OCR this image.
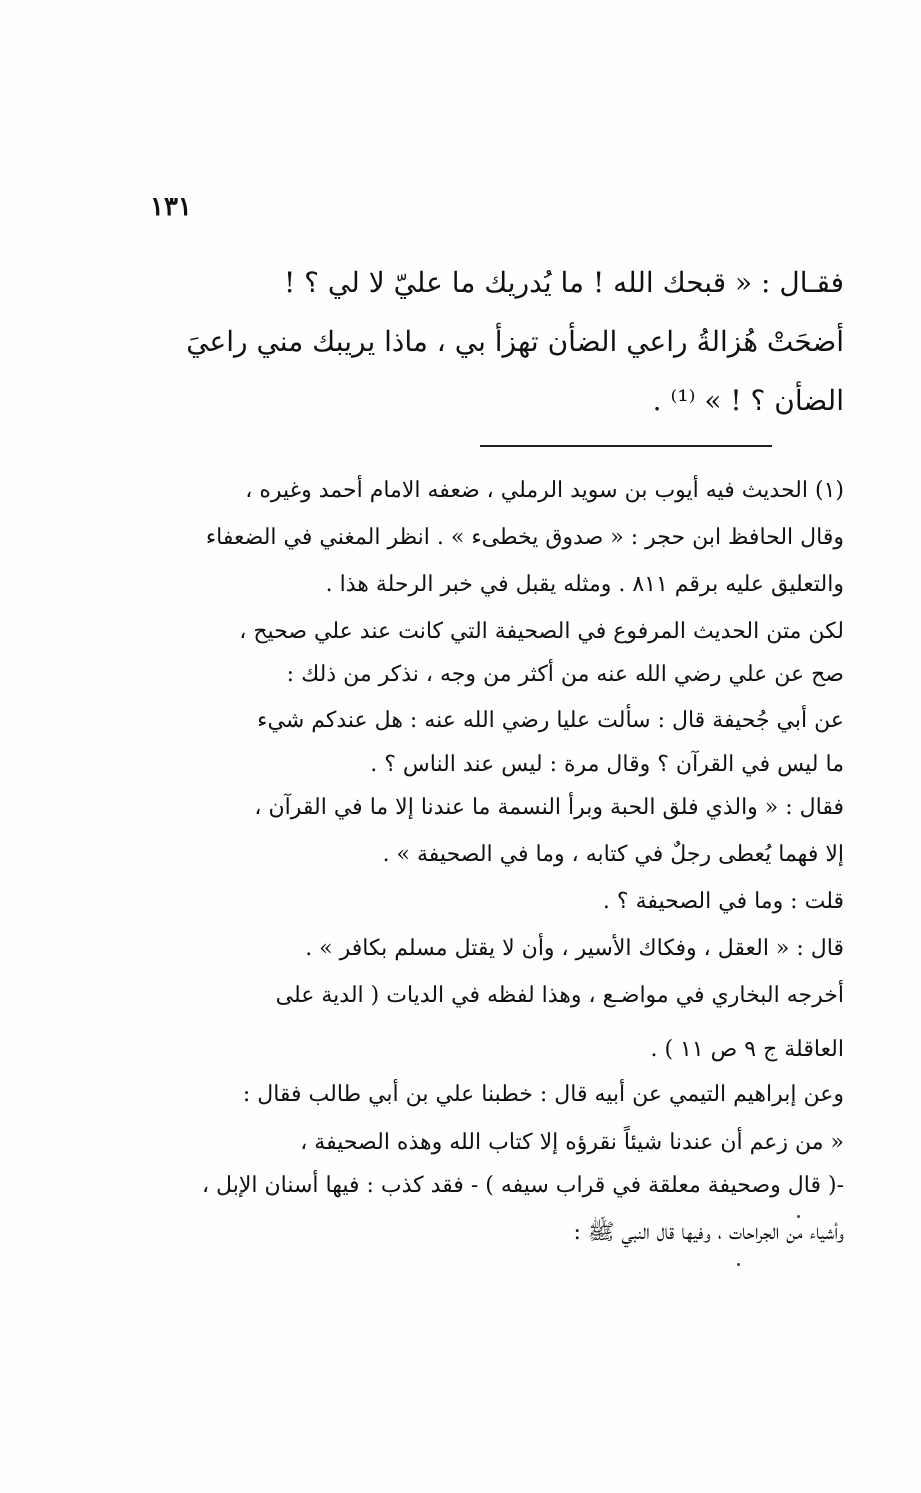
١٣١
فقـال : « قبحك الله ! ما يُدريك ما عليّ لا لي ؟ !
أضحَتْ هُزالةُ راعي الضأن تهزأ بي ، ماذا يريبك مني راعيَ
الضأن ؟ ! » ⁽¹⁾ .
(١) الحديث فيه أيوب بن سويد الرملي ، ضعفه الامام أحمد وغيره ،
وقال الحافظ ابن حجر : « صدوق يخطىء » . انظر المغني في الضعفاء
والتعليق عليه برقم ٨١١ . ومثله يقبل في خبر الرحلة هذا .
لكن متن الحديث المرفوع في الصحيفة التي كانت عند علي صحيح ،
صح عن علي رضي الله عنه من أكثر من وجه ، نذكر من ذلك :
عن أبي جُحيفة قال : سألت عليا رضي الله عنه : هل عندكم شيء
ما ليس في القرآن ؟ وقال مرة : ليس عند الناس ؟ .
فقال : « والذي فلق الحبة وبرأ النسمة ما عندنا إلا ما في القرآن ،
إلا فهما يُعطى رجلٌ في كتابه ، وما في الصحيفة » .
قلت : وما في الصحيفة ؟ .
قال : « العقل ، وفكاك الأسير ، وأن لا يقتل مسلم بكافر » .
أخرجه البخاري في مواضـع ، وهذا لفظه في الديات ( الدية على
العاقلة ج ٩ ص ١١ ) .
وعن إبراهيم التيمي عن أبيه قال : خطبنا علي بن أبي طالب فقال :
« من زعم أن عندنا شيئاً نقرؤه إلا كتاب الله وهذه الصحيفة ،
-( قال وصحيفة معلقة في قراب سيفه ) - فقد كذب : فيها أسنان الإبل ،
وأشياء من الجراحات ، وفيها قال النبي ﷺ :
